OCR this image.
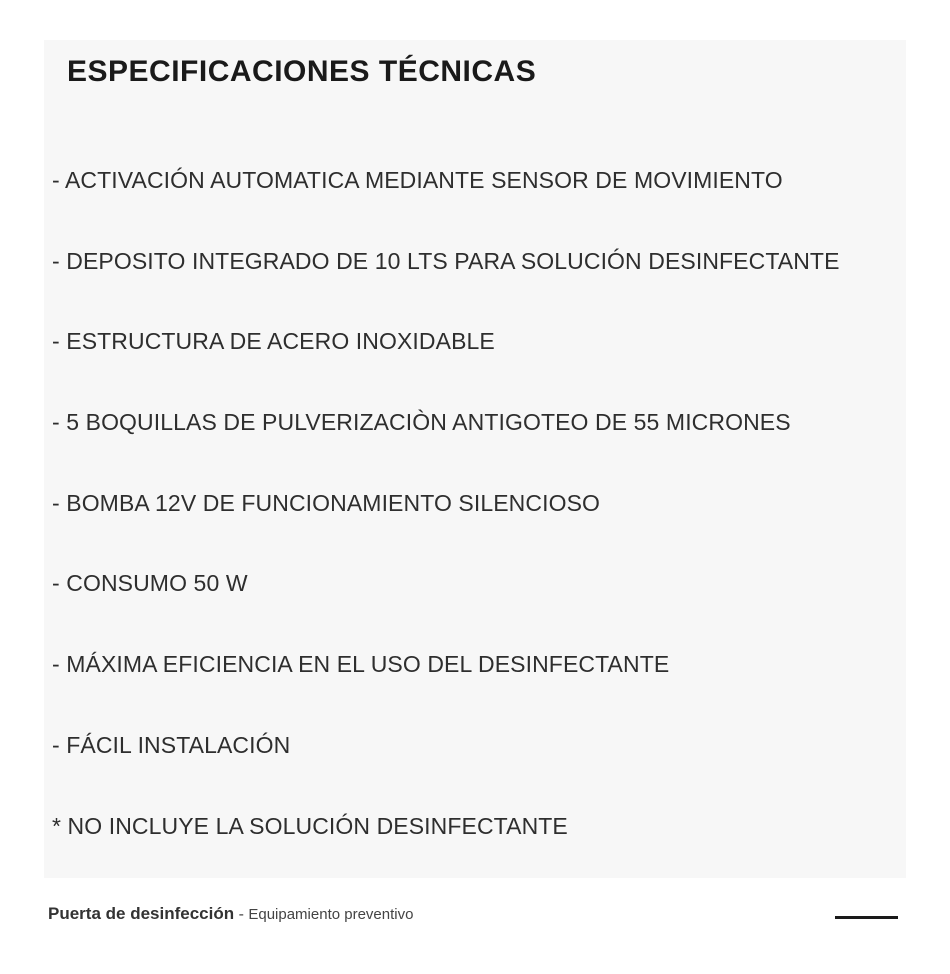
ESPECIFICACIONES TÉCNICAS
- ACTIVACIÓN AUTOMATICA MEDIANTE SENSOR DE MOVIMIENTO
- DEPOSITO INTEGRADO DE 10 LTS PARA SOLUCIÓN DESINFECTANTE
- ESTRUCTURA DE ACERO INOXIDABLE
- 5 BOQUILLAS DE PULVERIZACIÒN ANTIGOTEO DE 55 MICRONES
- BOMBA 12V DE FUNCIONAMIENTO SILENCIOSO
- CONSUMO 50 W
- MÁXIMA EFICIENCIA EN EL USO DEL DESINFECTANTE
- FÁCIL INSTALACIÓN
* NO INCLUYE LA SOLUCIÓN DESINFECTANTE
Puerta de desinfección - Equipamiento preventivo
